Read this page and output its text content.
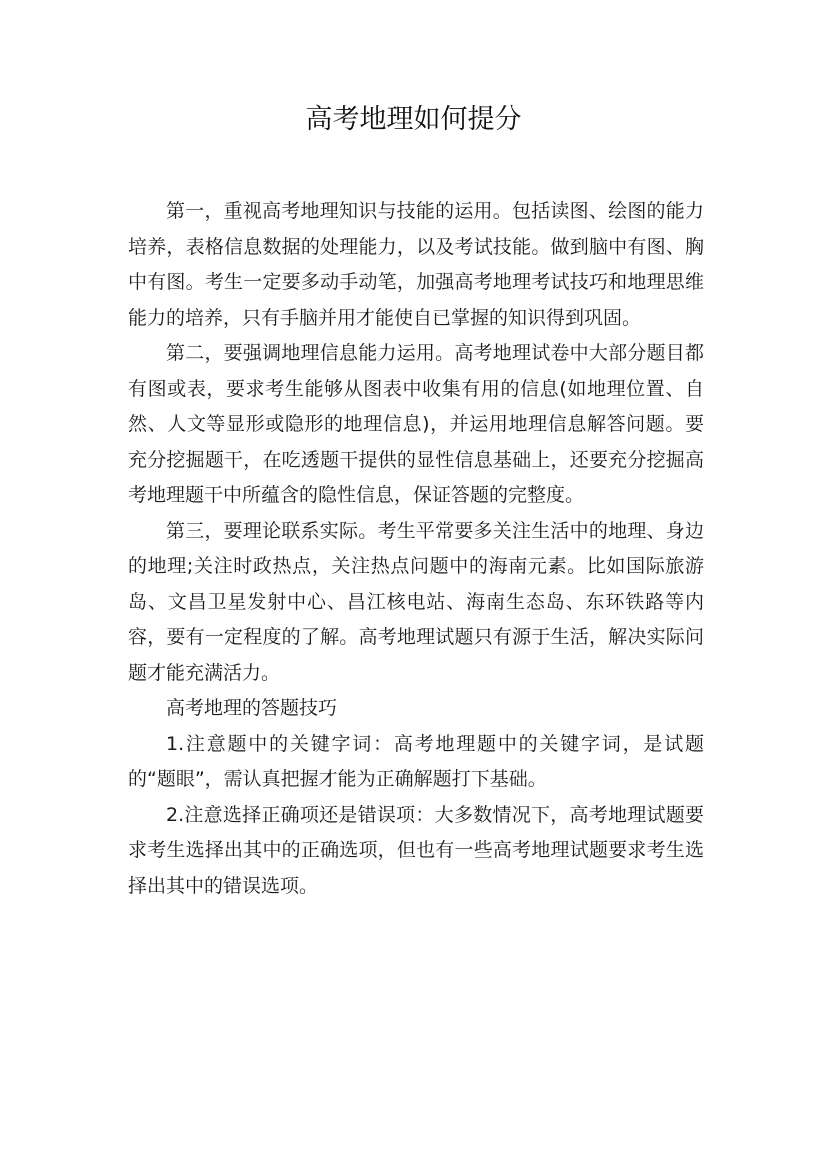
高考地理如何提分

第一，重视高考地理知识与技能的运用。包括读图、绘图的能力培养，表格信息数据的处理能力，以及考试技能。做到脑中有图、胸中有图。考生一定要多动手动笔，加强高考地理考试技巧和地理思维能力的培养，只有手脑并用才能使自已掌握的知识得到巩固。

第二，要强调地理信息能力运用。高考地理试卷中大部分题目都有图或表，要求考生能够从图表中收集有用的信息(如地理位置、自然、人文等显形或隐形的地理信息)，并运用地理信息解答问题。要充分挖掘题干，在吃透题干提供的显性信息基础上，还要充分挖掘高考地理题干中所蕴含的隐性信息，保证答题的完整度。

第三，要理论联系实际。考生平常要多关注生活中的地理、身边的地理;关注时政热点，关注热点问题中的海南元素。比如国际旅游岛、文昌卫星发射中心、昌江核电站、海南生态岛、东环铁路等内容，要有一定程度的了解。高考地理试题只有源于生活，解决实际问题才能充满活力。

高考地理的答题技巧

1.注意题中的关键字词：高考地理题中的关键字词，是试题的“题眼”，需认真把握才能为正确解题打下基础。

2.注意选择正确项还是错误项：大多数情况下，高考地理试题要求考生选择出其中的正确选项，但也有一些高考地理试题要求考生选择出其中的错误选项。
